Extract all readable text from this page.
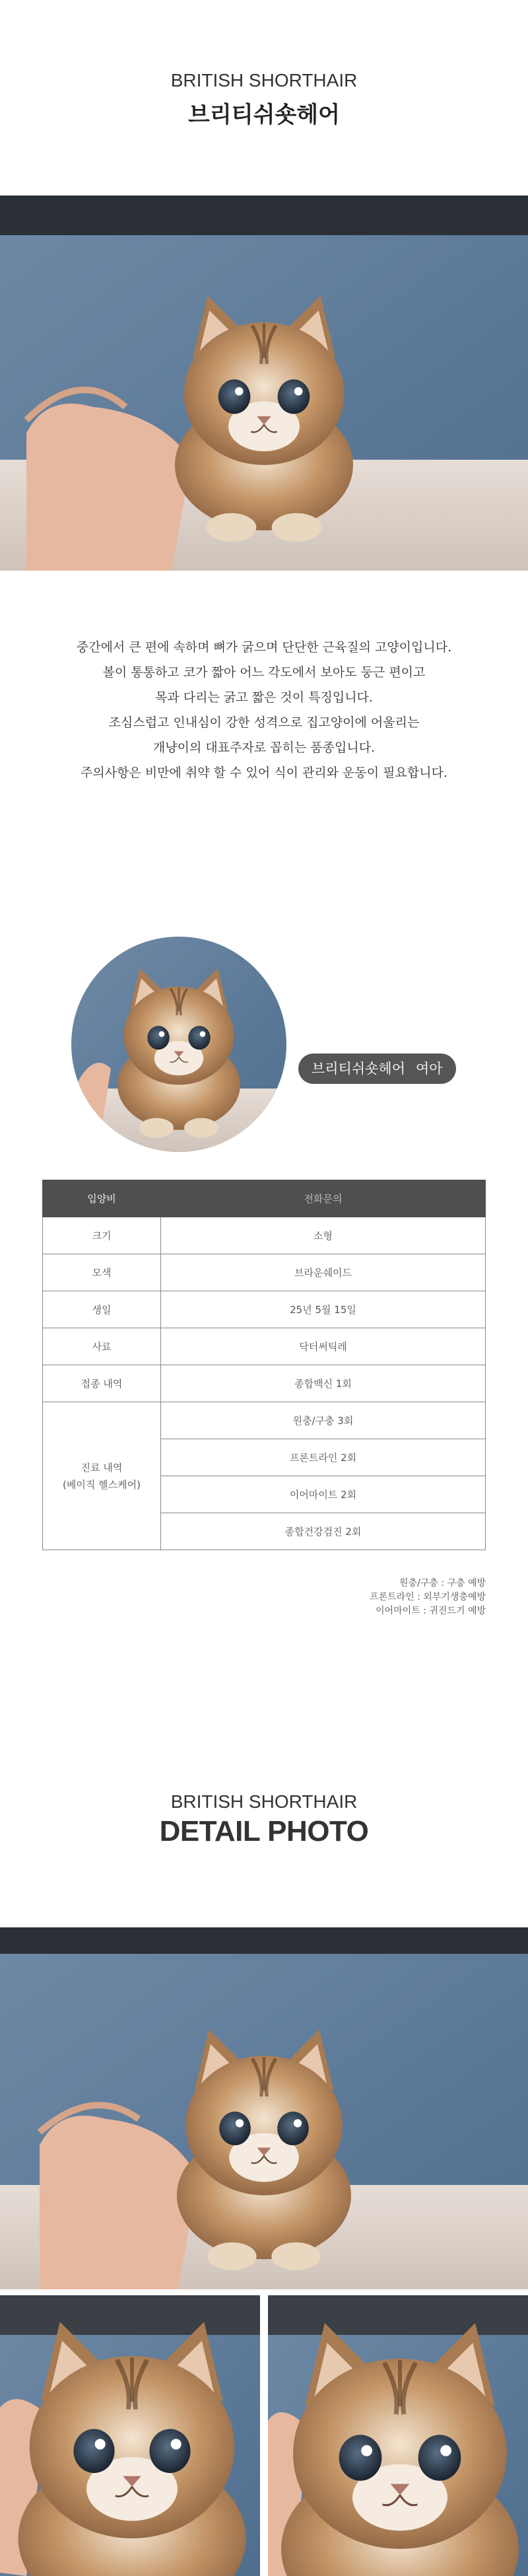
BRITISH SHORTHAIR
브리티쉬숏헤어

중간에서 큰 편에 속하며 뼈가 굵으며 단단한 근육질의 고양이입니다.

볼이 통통하고 코가 짧아 어느 각도에서 보아도 둥근 편이고

목과 다리는 굵고 짧은 것이 특징입니다.

조심스럽고 인내심이 강한 성격으로 집고양이에 어울리는

개냥이의 대표주자로 꼽히는 품종입니다.

주의사항은 비만에 취약 할 수 있어 식이 관리와 운동이 필요합니다.

브리티쉬숏헤어 여아
입양비	전화문의
크기	소형
모색	브라운쉐이드
생일	25년 5월 15일
사료	닥터써틱레
접종 내역	종합백신 1회

진료 내역
(베이직 헬스케어)	원충/구충 3회
	프론트라인 2회
	이어마이트 2회
	종합건강검진 2회
원충/구충 : 구충 예방
프론트라인 : 외부기생충예방
이어마이트 : 귀진드기 예방
BRITISH SHORTHAIR
DETAIL PHOTO
